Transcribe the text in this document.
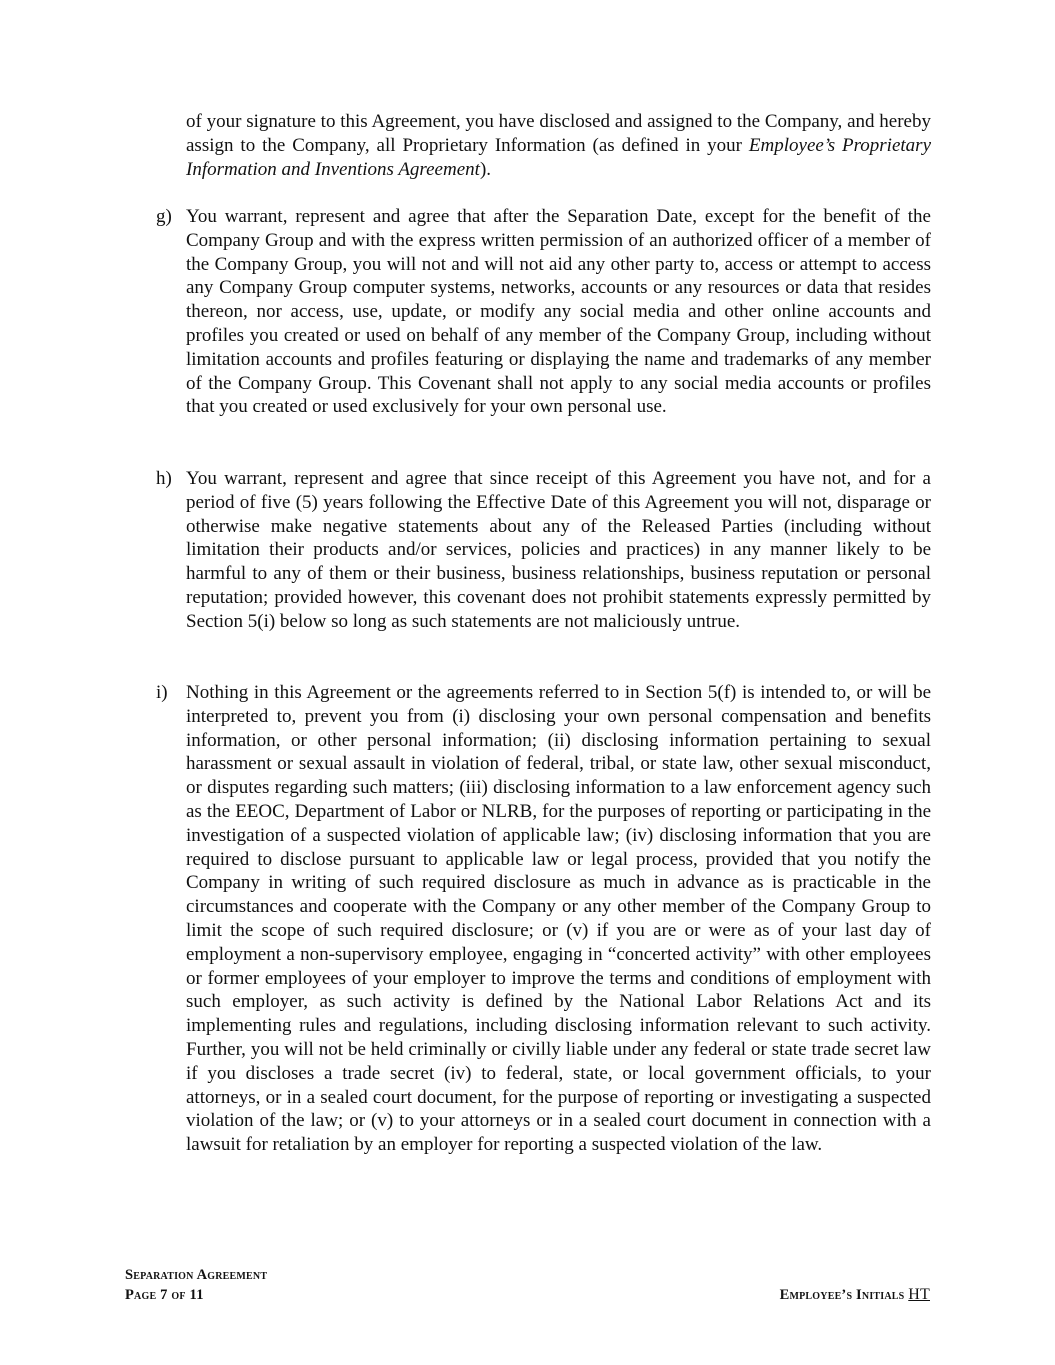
of your signature to this Agreement, you have disclosed and assigned to the Company, and hereby assign to the Company, all Proprietary Information (as defined in your Employee’s Proprietary Information and Inventions Agreement).

g) You warrant, represent and agree that after the Separation Date, except for the benefit of the Company Group and with the express written permission of an authorized officer of a member of the Company Group, you will not and will not aid any other party to, access or attempt to access any Company Group computer systems, networks, accounts or any resources or data that resides thereon, nor access, use, update, or modify any social media and other online accounts and profiles you created or used on behalf of any member of the Company Group, including without limitation accounts and profiles featuring or displaying the name and trademarks of any member of the Company Group. This Covenant shall not apply to any social media accounts or profiles that you created or used exclusively for your own personal use.

h) You warrant, represent and agree that since receipt of this Agreement you have not, and for a period of five (5) years following the Effective Date of this Agreement you will not, disparage or otherwise make negative statements about any of the Released Parties (including without limitation their products and/or services, policies and practices) in any manner likely to be harmful to any of them or their business, business relationships, business reputation or personal reputation; provided however, this covenant does not prohibit statements expressly permitted by Section 5(i) below so long as such statements are not maliciously untrue.

i) Nothing in this Agreement or the agreements referred to in Section 5(f) is intended to, or will be interpreted to, prevent you from (i) disclosing your own personal compensation and benefits information, or other personal information; (ii) disclosing information pertaining to sexual harassment or sexual assault in violation of federal, tribal, or state law, other sexual misconduct, or disputes regarding such matters; (iii) disclosing information to a law enforcement agency such as the EEOC, Department of Labor or NLRB, for the purposes of reporting or participating in the investigation of a suspected violation of applicable law; (iv) disclosing information that you are required to disclose pursuant to applicable law or legal process, provided that you notify the Company in writing of such required disclosure as much in advance as is practicable in the circumstances and cooperate with the Company or any other member of the Company Group to limit the scope of such required disclosure; or (v) if you are or were as of your last day of employment a non-supervisory employee, engaging in “concerted activity” with other employees or former employees of your employer to improve the terms and conditions of employment with such employer, as such activity is defined by the National Labor Relations Act and its implementing rules and regulations, including disclosing information relevant to such activity. Further, you will not be held criminally or civilly liable under any federal or state trade secret law if you discloses a trade secret (iv) to federal, state, or local government officials, to your attorneys, or in a sealed court document, for the purpose of reporting or investigating a suspected violation of the law; or (v) to your attorneys or in a sealed court document in connection with a lawsuit for retaliation by an employer for reporting a suspected violation of the law.

Separation Agreement
Page 7 of 11	Employee’s Initials HT
